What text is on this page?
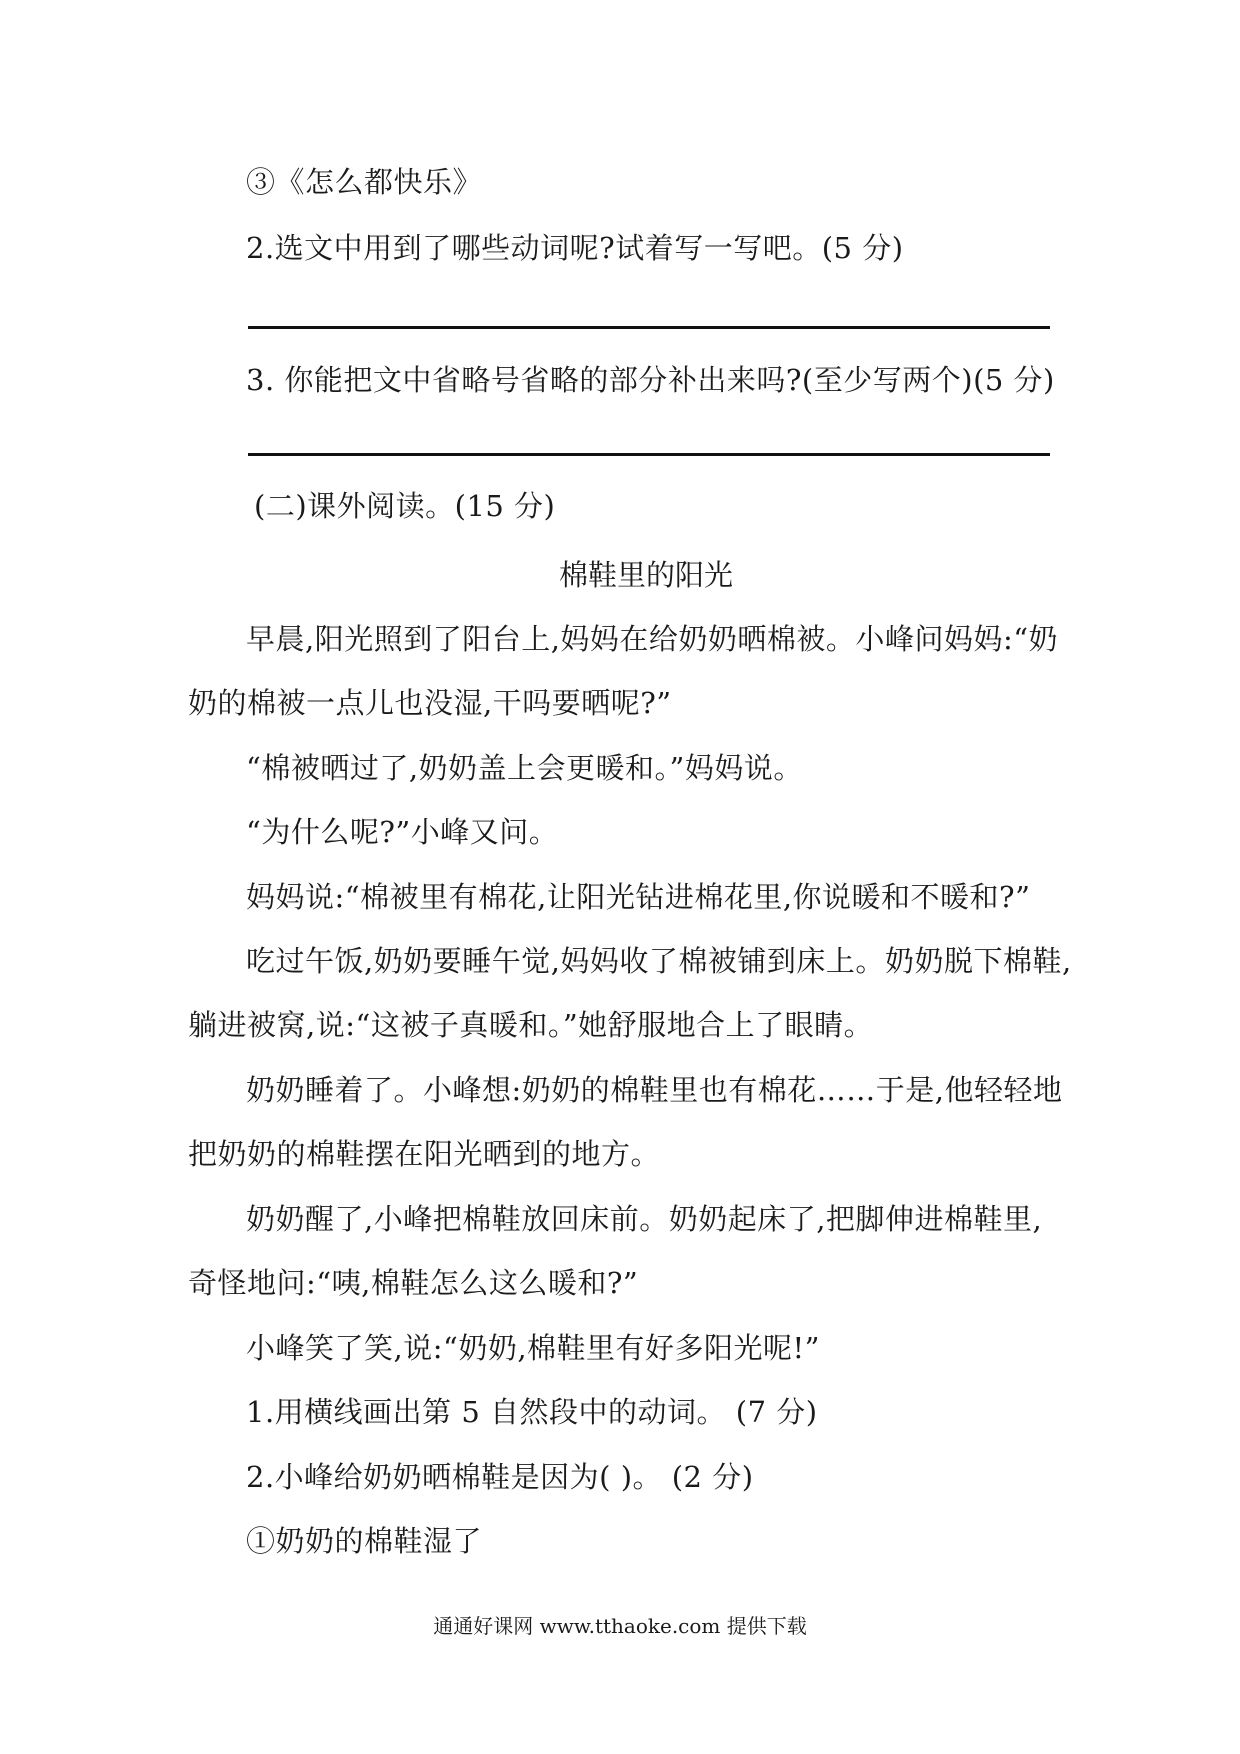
③《怎么都快乐》
2.选文中用到了哪些动词呢?试着写一写吧。(5 分)
3. 你能把文中省略号省略的部分补出来吗?(至少写两个)(5 分)
(二)课外阅读。(15 分)
棉鞋里的阳光
早晨,阳光照到了阳台上,妈妈在给奶奶晒棉被。小峰问妈妈:“奶
奶的棉被一点儿也没湿,干吗要晒呢?”
“棉被晒过了,奶奶盖上会更暖和。”妈妈说。
“为什么呢?”小峰又问。
妈妈说:“棉被里有棉花,让阳光钻进棉花里,你说暖和不暖和?”
吃过午饭,奶奶要睡午觉,妈妈收了棉被铺到床上。奶奶脱下棉鞋,
躺进被窝,说:“这被子真暖和。”她舒服地合上了眼睛。
奶奶睡着了。小峰想:奶奶的棉鞋里也有棉花……于是,他轻轻地
把奶奶的棉鞋摆在阳光晒到的地方。
奶奶醒了,小峰把棉鞋放回床前。奶奶起床了,把脚伸进棉鞋里,
奇怪地问:“咦,棉鞋怎么这么暖和?”
小峰笑了笑,说:“奶奶,棉鞋里有好多阳光呢!”
1.用横线画出第 5 自然段中的动词。 (7 分)
2.小峰给奶奶晒棉鞋是因为( )。 (2 分)
①奶奶的棉鞋湿了
通通好课网 www.tthaoke.com 提供下载
